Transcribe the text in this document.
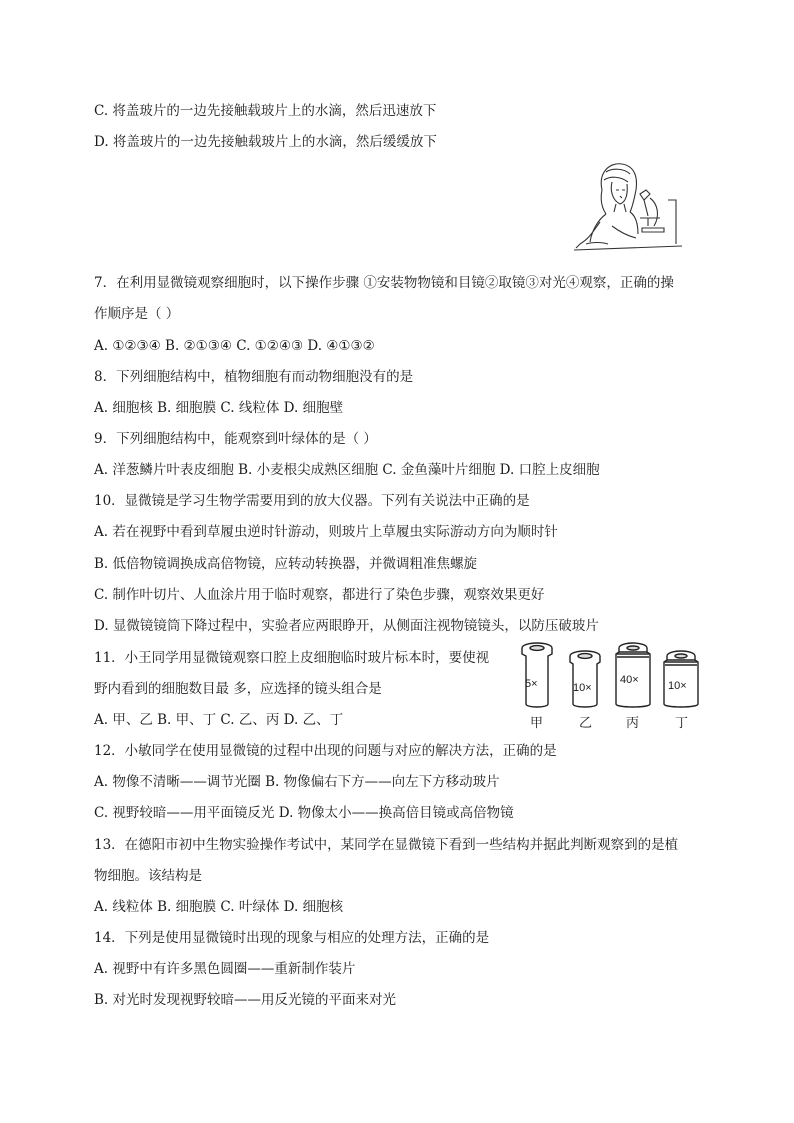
C. 将盖玻片的一边先接触载玻片上的水滴，然后迅速放下
D. 将盖玻片的一边先接触载玻片上的水滴，然后缓缓放下
7．在利用显微镜观察细胞时，以下操作步骤 ①安装物物镜和目镜②取镜③对光④观察，正确的操
作顺序是（ ）
A. ①②③④ B. ②①③④ C. ①②④③ D. ④①③②
8．下列细胞结构中，植物细胞有而动物细胞没有的是
A. 细胞核 B. 细胞膜 C. 线粒体 D. 细胞壁
9．下列细胞结构中，能观察到叶绿体的是（ ）
A. 洋葱鳞片叶表皮细胞 B. 小麦根尖成熟区细胞 C. 金鱼藻叶片细胞 D. 口腔上皮细胞
10．显微镜是学习生物学需要用到的放大仪器。下列有关说法中正确的是
A. 若在视野中看到草履虫逆时针游动，则玻片上草履虫实际游动方向为顺时针
B. 低倍物镜调换成高倍物镜，应转动转换器，并微调粗准焦螺旋
C. 制作叶切片、人血涂片用于临时观察，都进行了染色步骤，观察效果更好
D. 显微镜镜筒下降过程中，实验者应两眼睁开，从侧面注视物镜镜头，以防压破玻片
11．小王同学用显微镜观察口腔上皮细胞临时玻片标本时，要使视
野内看到的细胞数目最 多，应选择的镜头组合是
A. 甲、乙 B. 甲、丁 C. 乙、丙 D. 乙、丁
5×	10×
40×	10×
甲	乙	丙	丁
12．小敏同学在使用显微镜的过程中出现的问题与对应的解决方法，正确的是
A. 物像不清晰——调节光圈 B. 物像偏右下方——向左下方移动玻片
C. 视野较暗——用平面镜反光 D. 物像太小——换高倍目镜或高倍物镜
13．在德阳市初中生物实验操作考试中，某同学在显微镜下看到一些结构并据此判断观察到的是植
物细胞。该结构是
A. 线粒体 B. 细胞膜 C. 叶绿体 D. 细胞核
14．下列是使用显微镜时出现的现象与相应的处理方法，正确的是
A. 视野中有许多黑色圆圈——重新制作装片
B. 对光时发现视野较暗——用反光镜的平面来对光
